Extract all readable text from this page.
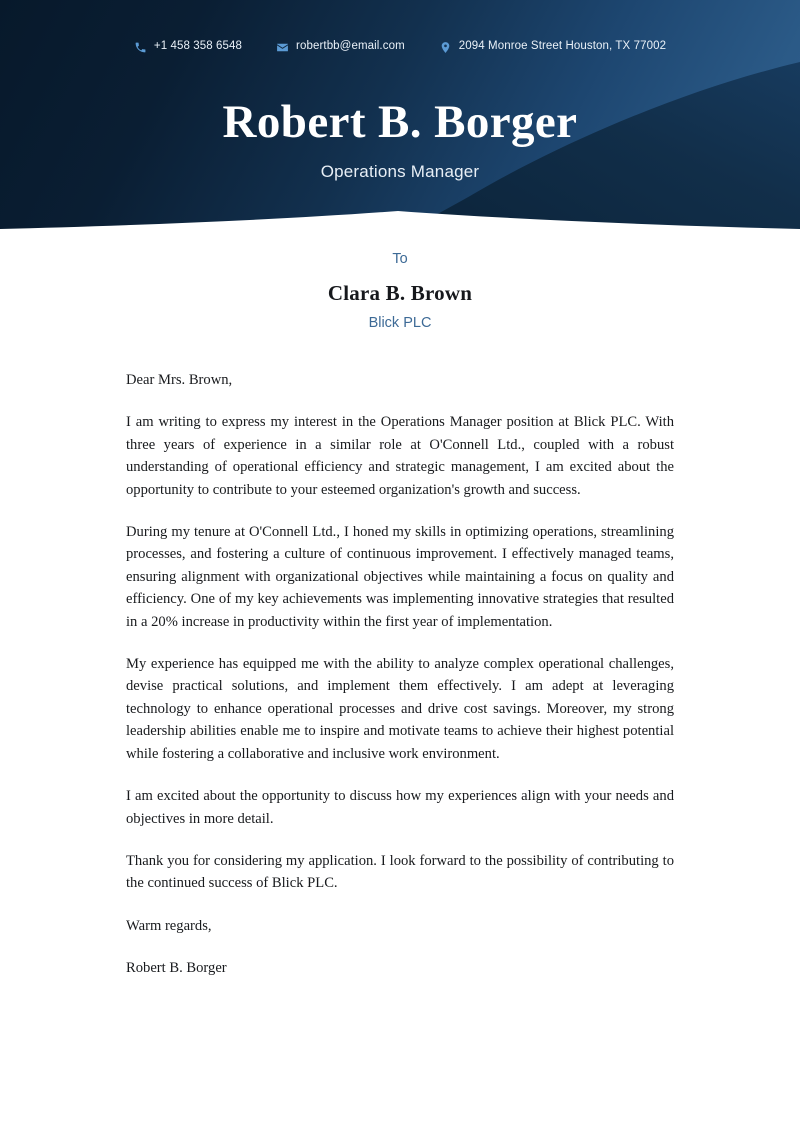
+1 458 358 6548	robertbb@email.com	2094 Monroe Street Houston, TX 77002
Robert B. Borger
Operations Manager
To
Clara B. Brown
Blick PLC

Dear Mrs. Brown,

I am writing to express my interest in the Operations Manager position at Blick PLC. With three years of experience in a similar role at O'Connell Ltd., coupled with a robust understanding of operational efficiency and strategic management, I am excited about the opportunity to contribute to your esteemed organization's growth and success.

During my tenure at O'Connell Ltd., I honed my skills in optimizing operations, streamlining processes, and fostering a culture of continuous improvement. I effectively managed teams, ensuring alignment with organizational objectives while maintaining a focus on quality and efficiency. One of my key achievements was implementing innovative strategies that resulted in a 20% increase in productivity within the first year of implementation.

My experience has equipped me with the ability to analyze complex operational challenges, devise practical solutions, and implement them effectively. I am adept at leveraging technology to enhance operational processes and drive cost savings. Moreover, my strong leadership abilities enable me to inspire and motivate teams to achieve their highest potential while fostering a collaborative and inclusive work environment.

I am excited about the opportunity to discuss how my experiences align with your needs and objectives in more detail.

Thank you for considering my application. I look forward to the possibility of contributing to the continued success of Blick PLC.

Warm regards,

Robert B. Borger
